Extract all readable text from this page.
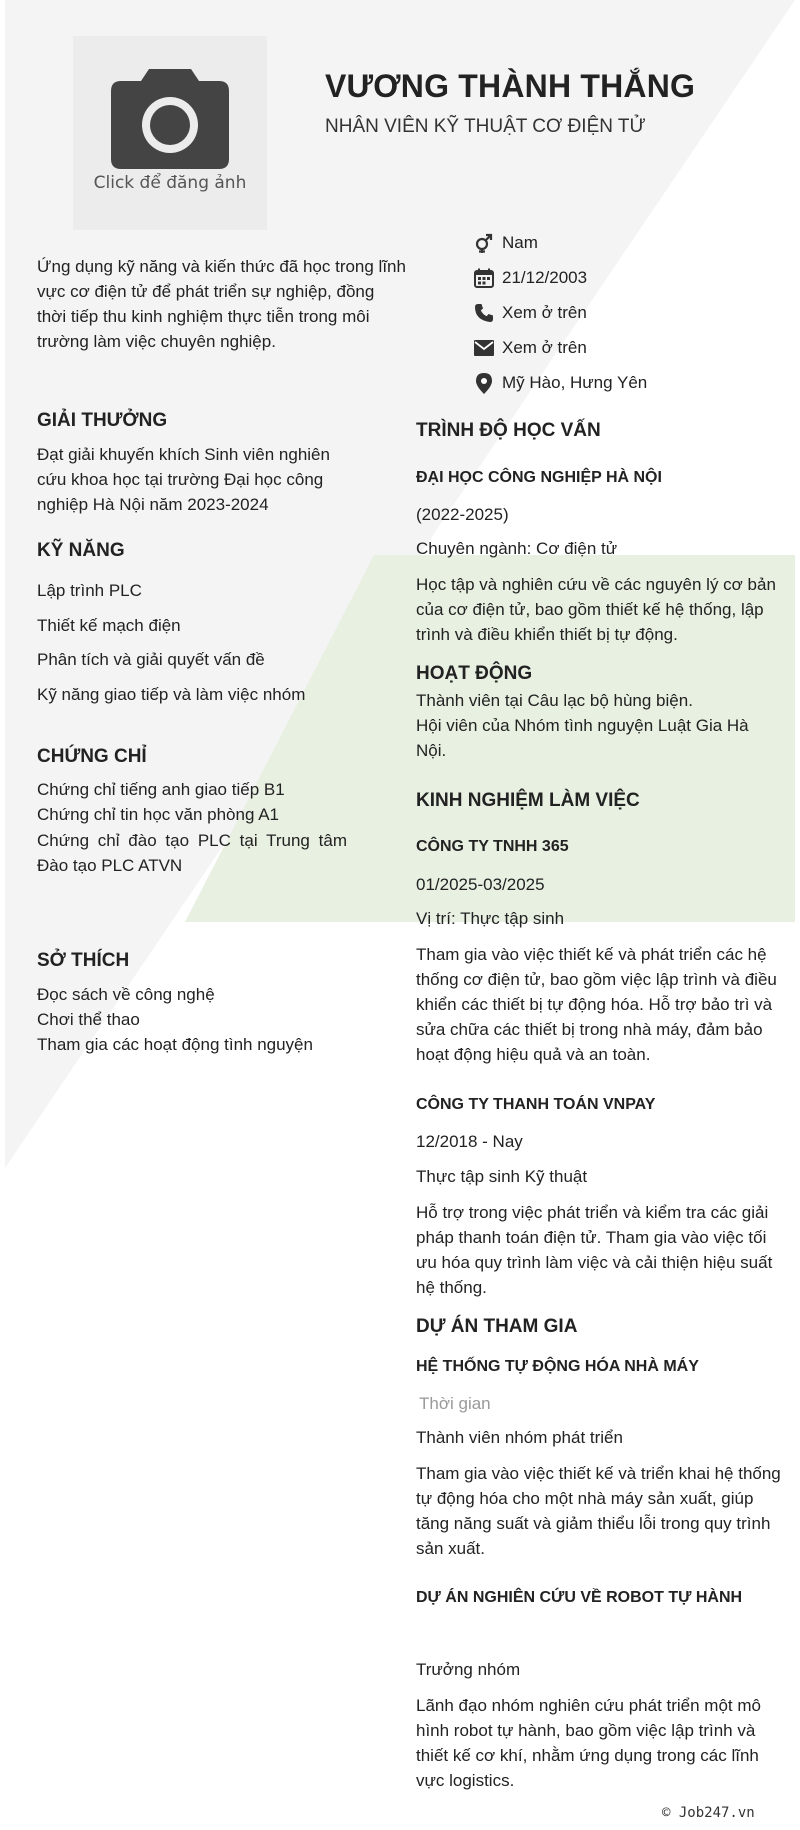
Click để đăng ảnh
VƯƠNG THÀNH THẮNG
NHÂN VIÊN KỸ THUẬT CƠ ĐIỆN TỬ
Ứng dụng kỹ năng và kiến thức đã học trong lĩnh vực cơ điện tử để phát triển sự nghiệp, đồng thời tiếp thu kinh nghiệm thực tiễn trong môi trường làm việc chuyên nghiệp.
Nam
21/12/2003
Xem ở trên
Xem ở trên
Mỹ Hào, Hưng Yên
GIẢI THƯỞNG
Đạt giải khuyến khích Sinh viên nghiên cứu khoa học tại trường Đại học công nghiệp Hà Nội năm 2023-2024
KỸ NĂNG
Lập trình PLC
Thiết kế mạch điện
Phân tích và giải quyết vấn đề
Kỹ năng giao tiếp và làm việc nhóm
CHỨNG CHỈ
Chứng chỉ tiếng anh giao tiếp B1
Chứng chỉ tin học văn phòng A1
Chứng chỉ đào tạo PLC tại Trung tâm Đào tạo PLC ATVN
SỞ THÍCH
Đọc sách về công nghệ
Chơi thể thao
Tham gia các hoạt động tình nguyện
TRÌNH ĐỘ HỌC VẤN
ĐẠI HỌC CÔNG NGHIỆP HÀ NỘI
(2022-2025)
Chuyên ngành: Cơ điện tử
Học tập và nghiên cứu về các nguyên lý cơ bản của cơ điện tử, bao gồm thiết kế hệ thống, lập trình và điều khiển thiết bị tự động.
HOẠT ĐỘNG
Thành viên tại Câu lạc bộ hùng biện.
Hội viên của Nhóm tình nguyện Luật Gia Hà Nội.
KINH NGHIỆM LÀM VIỆC
CÔNG TY TNHH 365
01/2025-03/2025
Vị trí: Thực tập sinh
Tham gia vào việc thiết kế và phát triển các hệ thống cơ điện tử, bao gồm việc lập trình và điều khiển các thiết bị tự động hóa. Hỗ trợ bảo trì và sửa chữa các thiết bị trong nhà máy, đảm bảo hoạt động hiệu quả và an toàn.
CÔNG TY THANH TOÁN VNPAY
12/2018 - Nay
Thực tập sinh Kỹ thuật
Hỗ trợ trong việc phát triển và kiểm tra các giải pháp thanh toán điện tử. Tham gia vào việc tối ưu hóa quy trình làm việc và cải thiện hiệu suất hệ thống.
DỰ ÁN THAM GIA
HỆ THỐNG TỰ ĐỘNG HÓA NHÀ MÁY
Thời gian
Thành viên nhóm phát triển
Tham gia vào việc thiết kế và triển khai hệ thống tự động hóa cho một nhà máy sản xuất, giúp tăng năng suất và giảm thiểu lỗi trong quy trình sản xuất.
DỰ ÁN NGHIÊN CỨU VỀ ROBOT TỰ HÀNH
Trưởng nhóm
Lãnh đạo nhóm nghiên cứu phát triển một mô hình robot tự hành, bao gồm việc lập trình và thiết kế cơ khí, nhằm ứng dụng trong các lĩnh vực logistics.
© Job247.vn
